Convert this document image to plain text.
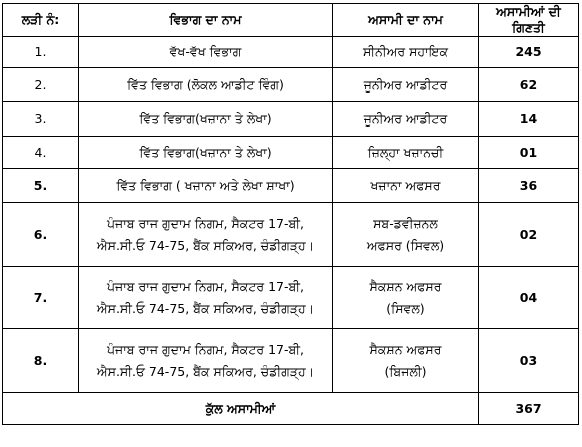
ਲੜੀ ਨੰ:	ਵਿਭਾਗ ਦਾ ਨਾਮ	ਅਸਾਮੀ ਦਾ ਨਾਮ	ਅਸਾਮੀਆਂ ਦੀ ਗਿਣਤੀ
1.	ਵੱਖ-ਵੱਖ ਵਿਭਾਗ	ਸੀਨੀਅਰ ਸਹਾਇਕ	245
2.	ਵਿੱਤ ਵਿਭਾਗ (ਲੋਕਲ ਆਡੀਟ ਵਿੰਗ)	ਜੂਨੀਅਰ ਆਡੀਟਰ	62
3.	ਵਿੱਤ ਵਿਭਾਗ(ਖਜ਼ਾਨਾ ਤੇ ਲੇਖਾ)	ਜੂਨੀਅਰ ਆਡੀਟਰ	14
4.	ਵਿੱਤ ਵਿਭਾਗ(ਖਜ਼ਾਨਾ ਤੇ ਲੇਖਾ)	ਜ਼ਿਲ੍ਹਾ ਖਜ਼ਾਨਚੀ	01
5.	ਵਿੱਤ ਵਿਭਾਗ ( ਖਜ਼ਾਨਾ ਅਤੇ ਲੇਖਾ ਸ਼ਾਖਾ)	ਖਜ਼ਾਨਾ ਅਫਸਰ	36
6.	ਪੰਜਾਬ ਰਾਜ ਗੁਦਾਮ ਨਿਗਮ, ਸੈਕਟਰ 17-ਬੀ,
ਐਸ.ਸੀ.ਓ 74-75, ਬੈਂਕ ਸਕਿਅਰ, ਚੰਡੀਗੜ੍ਹ।	ਸਬ-ਡਵੀਜ਼ਨਲ
ਅਫਸਰ (ਸਿਵਲ)	02
7.	ਪੰਜਾਬ ਰਾਜ ਗੁਦਾਮ ਨਿਗਮ, ਸੈਕਟਰ 17-ਬੀ,
ਐਸ.ਸੀ.ਓ 74-75, ਬੈਂਕ ਸਕਿਅਰ, ਚੰਡੀਗੜ੍ਹ।	ਸੈਕਸ਼ਨ ਅਫਸਰ
(ਸਿਵਲ)	04
8.	ਪੰਜਾਬ ਰਾਜ ਗੁਦਾਮ ਨਿਗਮ, ਸੈਕਟਰ 17-ਬੀ,
ਐਸ.ਸੀ.ਓ 74-75, ਬੈਂਕ ਸਕਿਅਰ, ਚੰਡੀਗੜ੍ਹ।	ਸੈਕਸ਼ਨ ਅਫਸਰ
(ਬਿਜਲੀ)	03
ਕੁੱਲ ਅਸਾਮੀਆਂ			367
